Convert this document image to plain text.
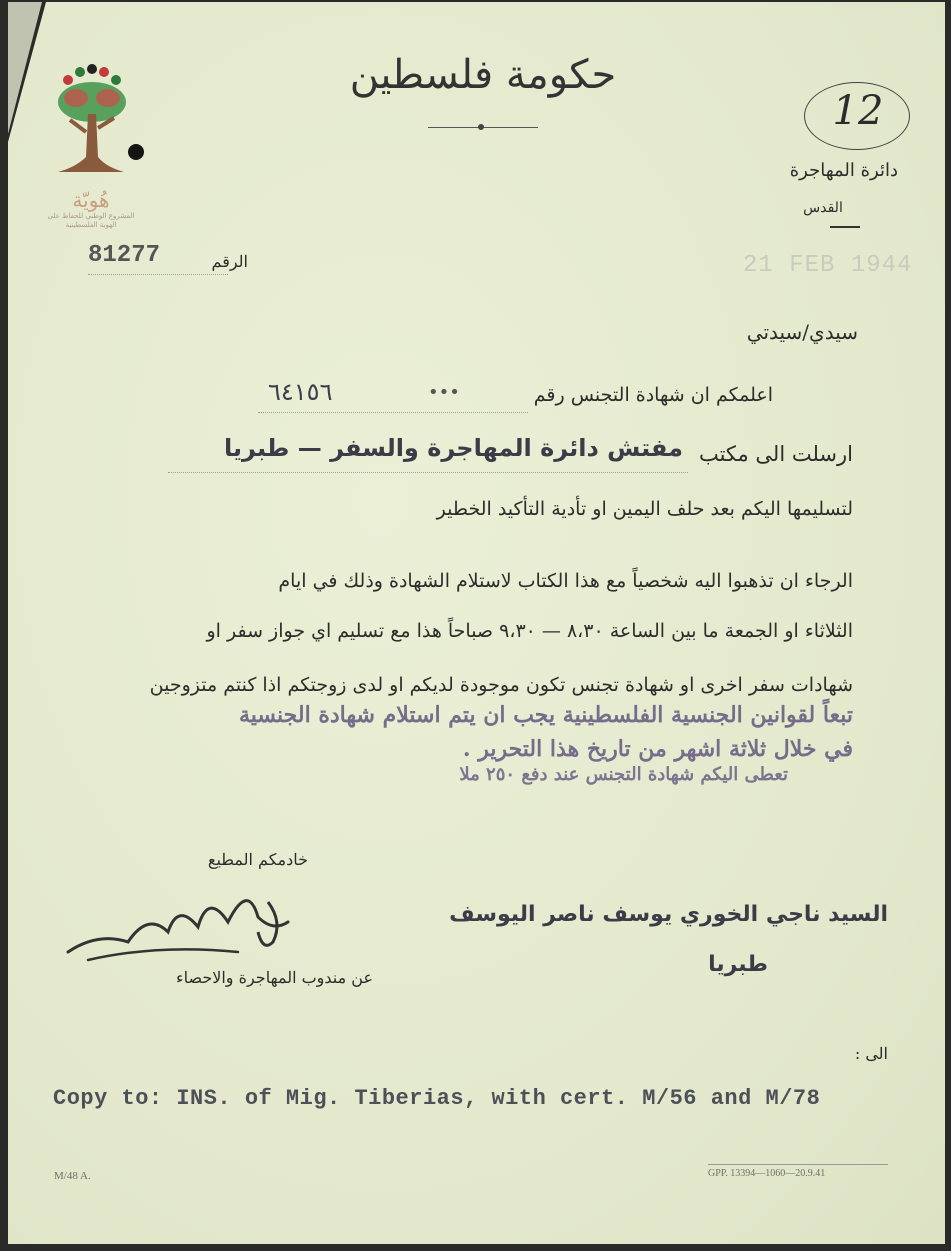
هُويّة
المشروع الوطني للحفاظ على الهوية الفلسطينية
حكومة فلسطين
12
دائرة المهاجرة
القدس
الرقم
81277	21 FEB 1944
سيدي/سيدتي
اعلمكم ان شهادة التجنس رقم
•••
٦٤١٥٦
ارسلت الى مكتب
مفتش دائرة المهاجرة والسفر — طبريا
لتسليمها اليكم بعد حلف اليمين او تأدية التأكيد الخطير
الرجاء ان تذهبوا اليه شخصياً مع هذا الكتاب لاستلام الشهادة وذلك في ايام
الثلاثاء او الجمعة ما بين الساعة ٨،٣٠ — ٩،٣٠ صباحاً هذا مع تسليم اي جواز سفر او
شهادات سفر اخرى او شهادة تجنس تكون موجودة لديكم او لدى زوجتكم اذا كنتم متزوجين
تبعاً لقوانين الجنسية الفلسطينية يجب ان يتم استلام شهادة الجنسية
في خلال ثلاثة اشهر من تاريخ هذا التحرير .
تعطى اليكم شهادة التجنس عند دفع ٢٥٠ ملا
خادمكم المطيع
عن مندوب المهاجرة والاحصاء
السيد ناجي الخوري يوسف ناصر اليوسف
طبريا
الى :
Copy to: INS. of Mig. Tiberias, with cert. M/56 and M/78
M/48 A.	GPP. 13394—1060—20.9.41
